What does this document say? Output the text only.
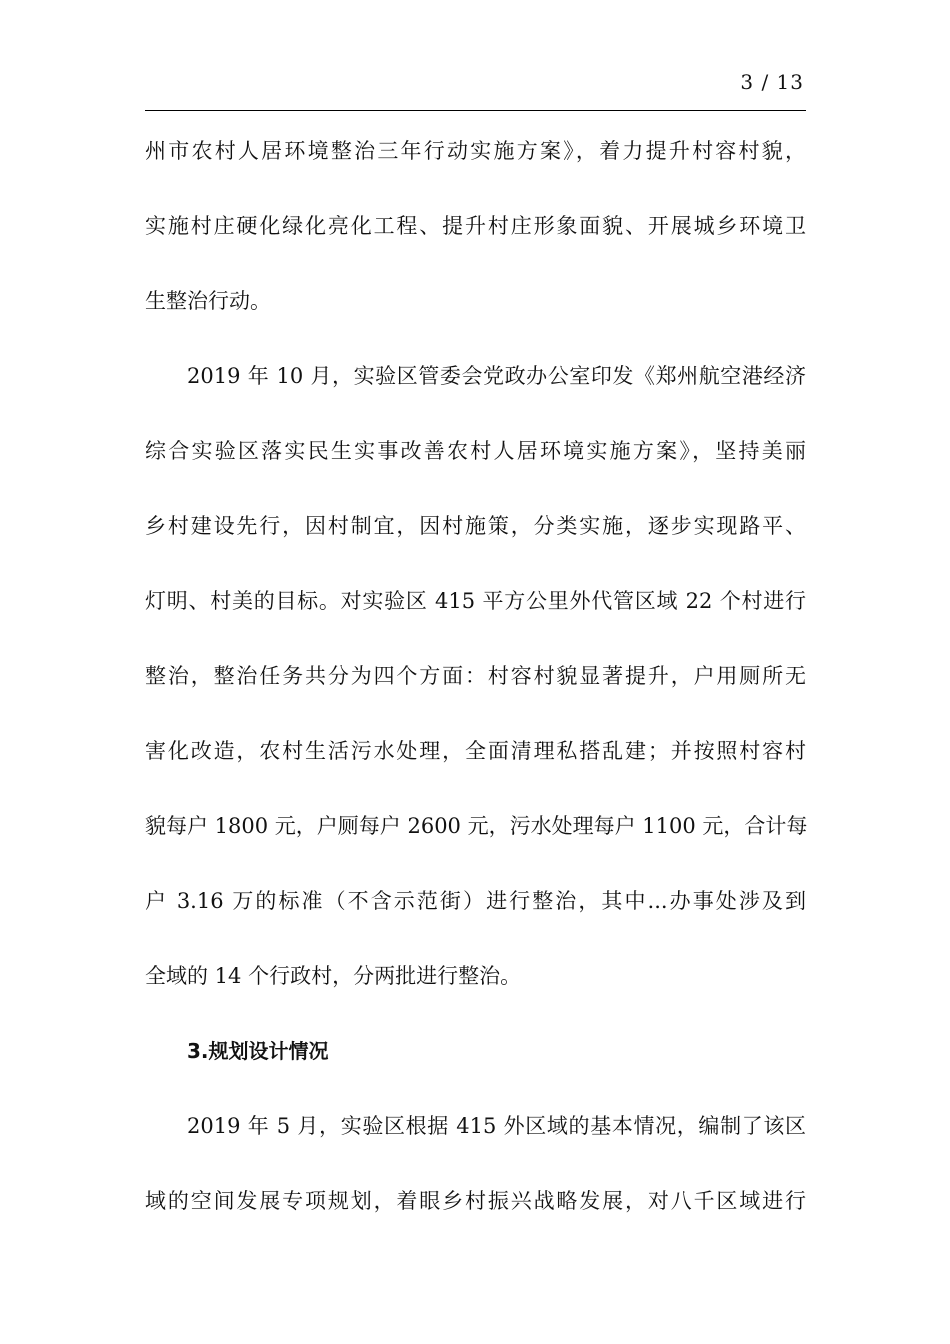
3 / 13
州市农村人居环境整治三年行动实施方案》，着力提升村容村貌，
实施村庄硬化绿化亮化工程、提升村庄形象面貌、开展城乡环境卫
生整治行动。
2019 年 10 月，实验区管委会党政办公室印发《郑州航空港经济
综合实验区落实民生实事改善农村人居环境实施方案》，坚持美丽
乡村建设先行，因村制宜，因村施策，分类实施，逐步实现路平、
灯明、村美的目标。对实验区 415 平方公里外代管区域 22 个村进行
整治，整治任务共分为四个方面：村容村貌显著提升，户用厕所无
害化改造，农村生活污水处理，全面清理私搭乱建；并按照村容村
貌每户 1800 元，户厕每户 2600 元，污水处理每户 1100 元，合计每
户 3.16 万的标准（不含示范街）进行整治，其中...办事处涉及到
全域的 14 个行政村，分两批进行整治。
3.规划设计情况
2019 年 5 月，实验区根据 415 外区域的基本情况，编制了该区
域的空间发展专项规划，着眼乡村振兴战略发展，对八千区域进行
